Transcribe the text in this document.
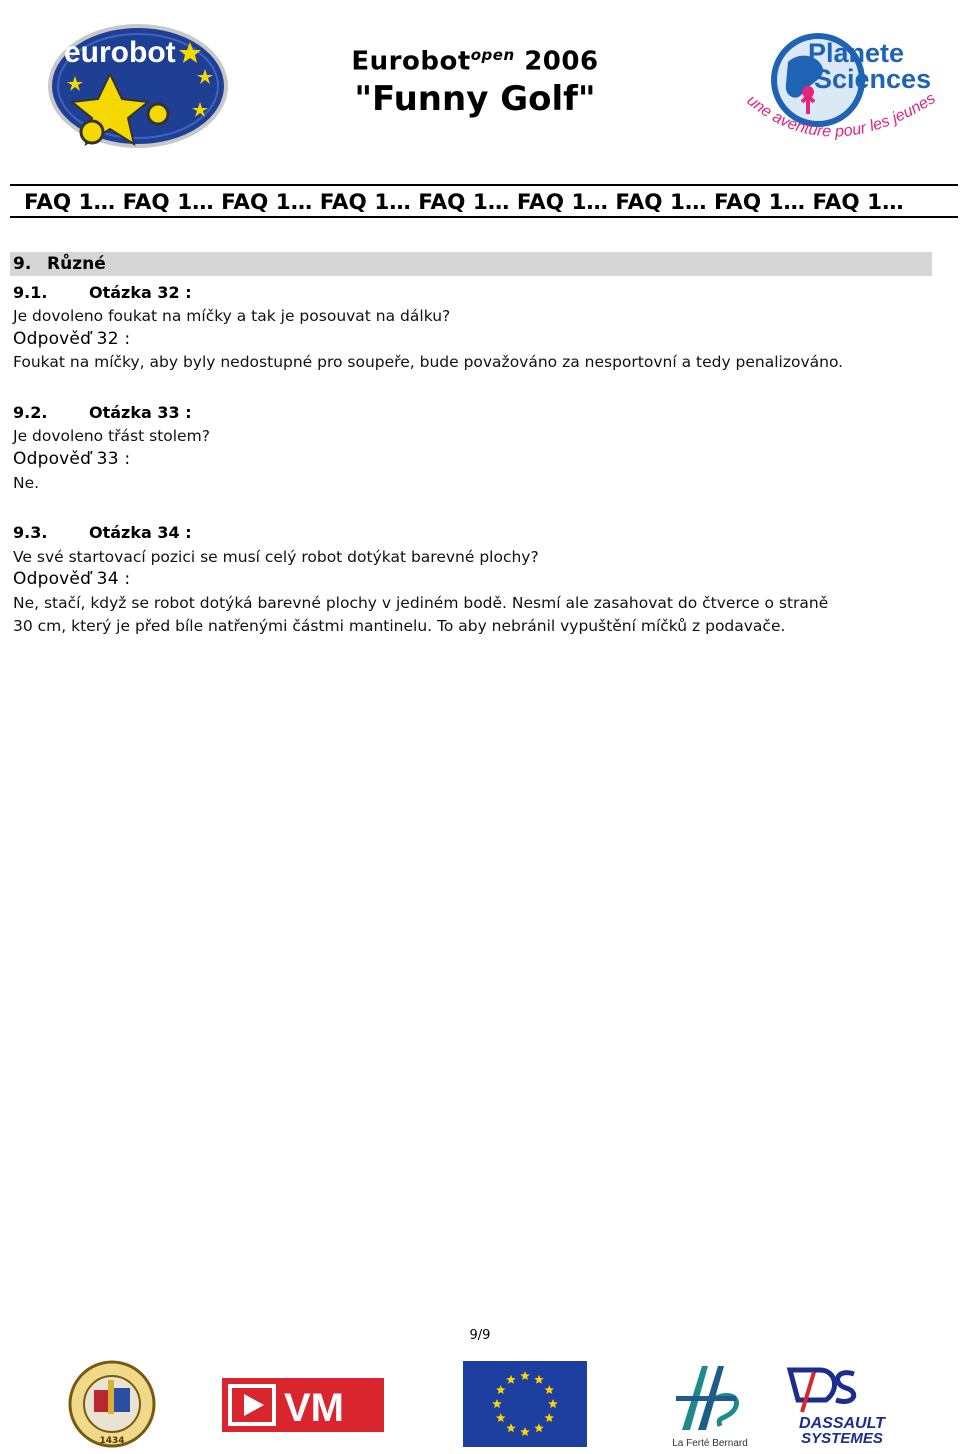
eurobot	Eurobot$^{open}$ 2006
"Funny Golf"
Planete
Sciences
une aventure pour les jeunes
FAQ 1… FAQ 1… FAQ 1… FAQ 1… FAQ 1… FAQ 1… FAQ 1… FAQ 1… FAQ 1…
9. Různé
9.1.	Otázka 32 :
Je dovoleno foukat na míčky a tak je posouvat na dálku?
Odpověď 32 :
Foukat na míčky, aby byly nedostupné pro soupeře, bude považováno za nesportovní a tedy penalizováno.
9.2.	Otázka 33 :
Je dovoleno třást stolem?
Odpověď 33 :
Ne.
9.3.	Otázka 34 :
Ve své startovací pozici se musí celý robot dotýkat barevné plochy?
Odpověď 34 :
Ne, stačí, když se robot dotýká barevné plochy v jediném bodě. Nesmí ale zasahovat do čtverce o straně
30 cm, který je před bíle natřenými částmi mantinelu. To aby nebránil vypuštění míčků z podavače.
9/9
1434
VM
La Ferté Bernard
DASSAULT
SYSTEMES
